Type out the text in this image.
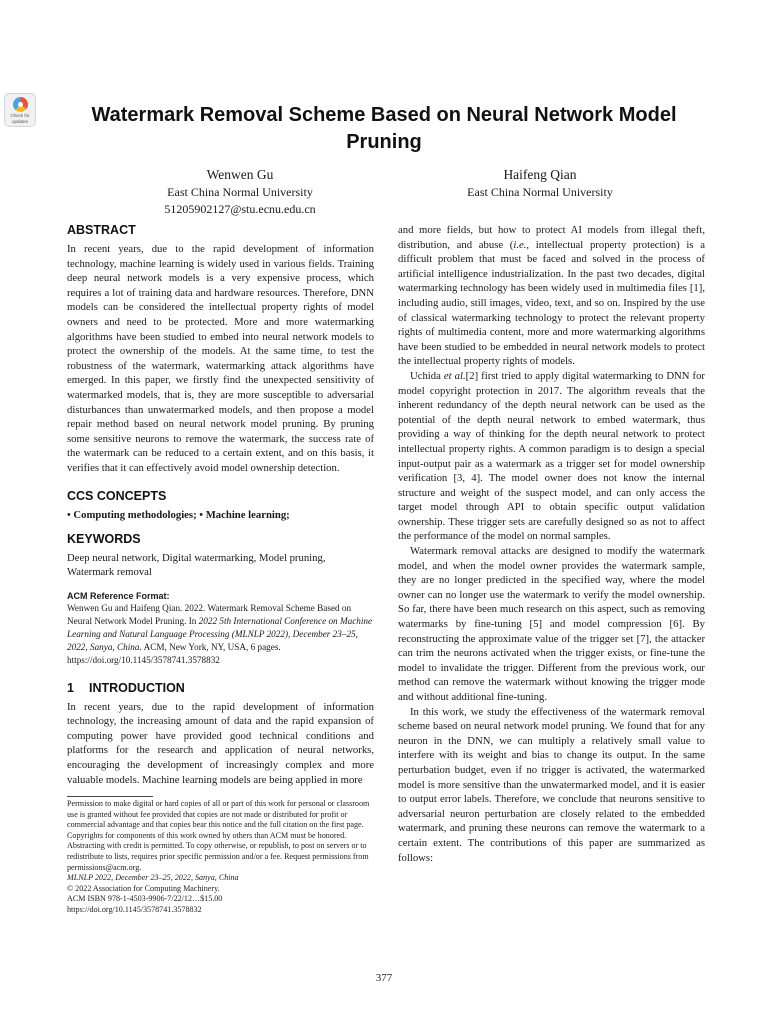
Check for
updates	Watermark Removal Scheme Based on Neural Network Model Pruning
Wenwen Gu
East China Normal University
51205902127@stu.ecnu.edu.cn
Haifeng Qian
East China Normal University
ABSTRACT

In recent years, due to the rapid development of information technology, machine learning is widely used in various fields. Training deep neural network models is a very expensive process, which requires a lot of training data and hardware resources. Therefore, DNN models can be considered the intellectual property rights of model owners and need to be protected. More and more watermarking algorithms have been studied to embed into neural network models to protect the ownership of the models. At the same time, to test the robustness of the watermark, watermarking attack algorithms have emerged. In this paper, we firstly find the unexpected sensitivity of watermarked models, that is, they are more susceptible to adversarial disturbances than unwatermarked models, and then propose a model repair method based on neural network model pruning. By pruning some sensitive neurons to remove the watermark, the success rate of the watermark can be reduced to a certain extent, and on this basis, it verifies that it can effectively avoid model ownership detection.

CCS CONCEPTS
• Computing methodologies; • Machine learning;
KEYWORDS

Deep neural network, Digital watermarking, Model pruning, Watermark removal

ACM Reference Format:
Wenwen Gu and Haifeng Qian. 2022. Watermark Removal Scheme Based on Neural Network Model Pruning. In 2022 5th International Conference on Machine Learning and Natural Language Processing (MLNLP 2022), December 23–25, 2022, Sanya, China. ACM, New York, NY, USA, 6 pages. https://doi.org/10.1145/3578741.3578832
1 INTRODUCTION

In recent years, due to the rapid development of information technology, the increasing amount of data and the rapid expansion of computing power have provided good technical conditions and platforms for the research and application of neural networks, encouraging the development of increasingly complex and more valuable models. Machine learning models are being applied in more

Permission to make digital or hard copies of all or part of this work for personal or classroom use is granted without fee provided that copies are not made or distributed for profit or commercial advantage and that copies bear this notice and the full citation on the first page. Copyrights for components of this work owned by others than ACM must be honored. Abstracting with credit is permitted. To copy otherwise, or republish, to post on servers or to redistribute to lists, requires prior specific permission and/or a fee. Request permissions from permissions@acm.org.
MLNLP 2022, December 23–25, 2022, Sanya, China
© 2022 Association for Computing Machinery.
ACM ISBN 978-1-4503-9906-7/22/12…$15.00
https://doi.org/10.1145/3578741.3578832

and more fields, but how to protect AI models from illegal theft, distribution, and abuse (i.e., intellectual property protection) is a difficult problem that must be faced and solved in the process of artificial intelligence industrialization. In the past two decades, digital watermarking technology has been widely used in multimedia files [1], including audio, still images, video, text, and so on. Inspired by the use of classical watermarking technology to protect the relevant property rights of multimedia content, more and more watermarking algorithms have been studied to be embedded in neural network models to protect the intellectual property rights of models.

Uchida et al.[2] first tried to apply digital watermarking to DNN for model copyright protection in 2017. The algorithm reveals that the inherent redundancy of the depth neural network can be used as the potential of the depth neural network to embed watermark, thus providing a way of thinking for the depth neural network to protect intellectual property rights. A common paradigm is to design a special input-output pair as a watermark as a trigger set for model ownership verification [3, 4]. The model owner does not know the internal structure and weight of the suspect model, and can only access the target model through API to obtain specific output validation ownership. These trigger sets are carefully designed so as not to affect the performance of the model on normal samples.

Watermark removal attacks are designed to modify the watermark model, and when the model owner provides the watermark sample, they are no longer predicted in the specified way, where the model owner can no longer use the watermark to verify the model ownership. So far, there have been much research on this aspect, such as removing watermarks by fine-tuning [5] and model compression [6]. By reconstructing the approximate value of the trigger set [7], the attacker can trim the neurons activated when the trigger exists, or fine-tune the model to invalidate the trigger. Different from the previous work, our method can remove the watermark without knowing the trigger mode and without additional fine-tuning.

In this work, we study the effectiveness of the watermark removal scheme based on neural network model pruning. We found that for any neuron in the DNN, we can multiply a relatively small value to interfere with its weight and bias to change its output. In the same perturbation budget, even if no trigger is activated, the watermarked model is more sensitive than the unwatermarked model, and it is easier to output error labels. Therefore, we conclude that neurons sensitive to adversarial neuron perturbation are closely related to the embedded watermark, and pruning these neurons can remove the watermark to a certain extent. The contributions of this paper are summarized as follows:

377
